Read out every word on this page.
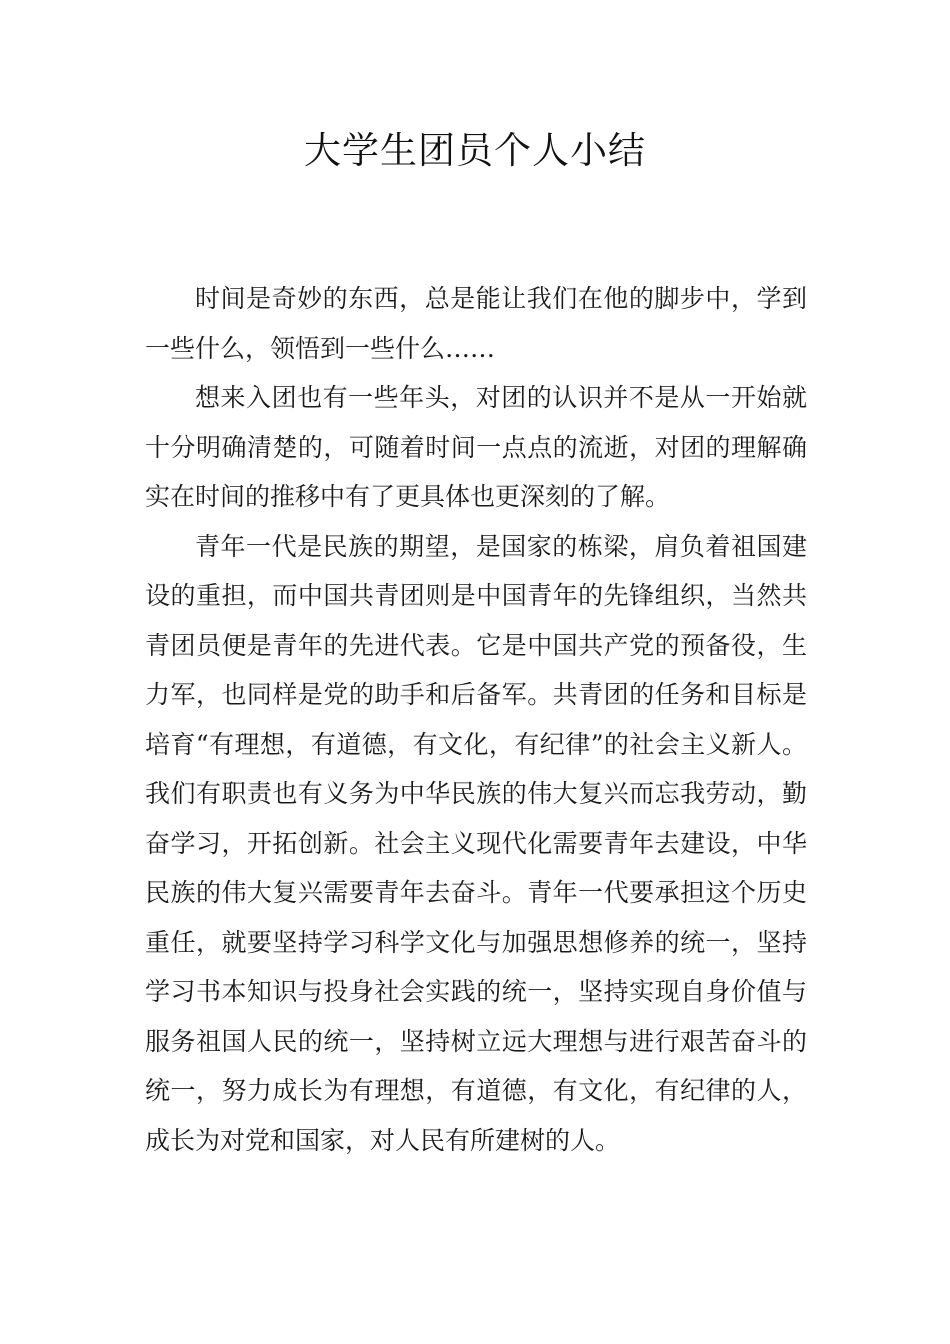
大学生团员个人小结

时间是奇妙的东西，总是能让我们在他的脚步中，学到一些什么，领悟到一些什么……

想来入团也有一些年头，对团的认识并不是从一开始就十分明确清楚的，可随着时间一点点的流逝，对团的理解确实在时间的推移中有了更具体也更深刻的了解。

青年一代是民族的期望，是国家的栋梁，肩负着祖国建设的重担，而中国共青团则是中国青年的先锋组织，当然共青团员便是青年的先进代表。它是中国共产党的预备役，生力军，也同样是党的助手和后备军。共青团的任务和目标是培育“有理想，有道德，有文化，有纪律”的社会主义新人。我们有职责也有义务为中华民族的伟大复兴而忘我劳动，勤奋学习，开拓创新。社会主义现代化需要青年去建设，中华民族的伟大复兴需要青年去奋斗。青年一代要承担这个历史重任，就要坚持学习科学文化与加强思想修养的统一，坚持学习书本知识与投身社会实践的统一，坚持实现自身价值与服务祖国人民的统一，坚持树立远大理想与进行艰苦奋斗的统一，努力成长为有理想，有道德，有文化，有纪律的人，成长为对党和国家，对人民有所建树的人。
